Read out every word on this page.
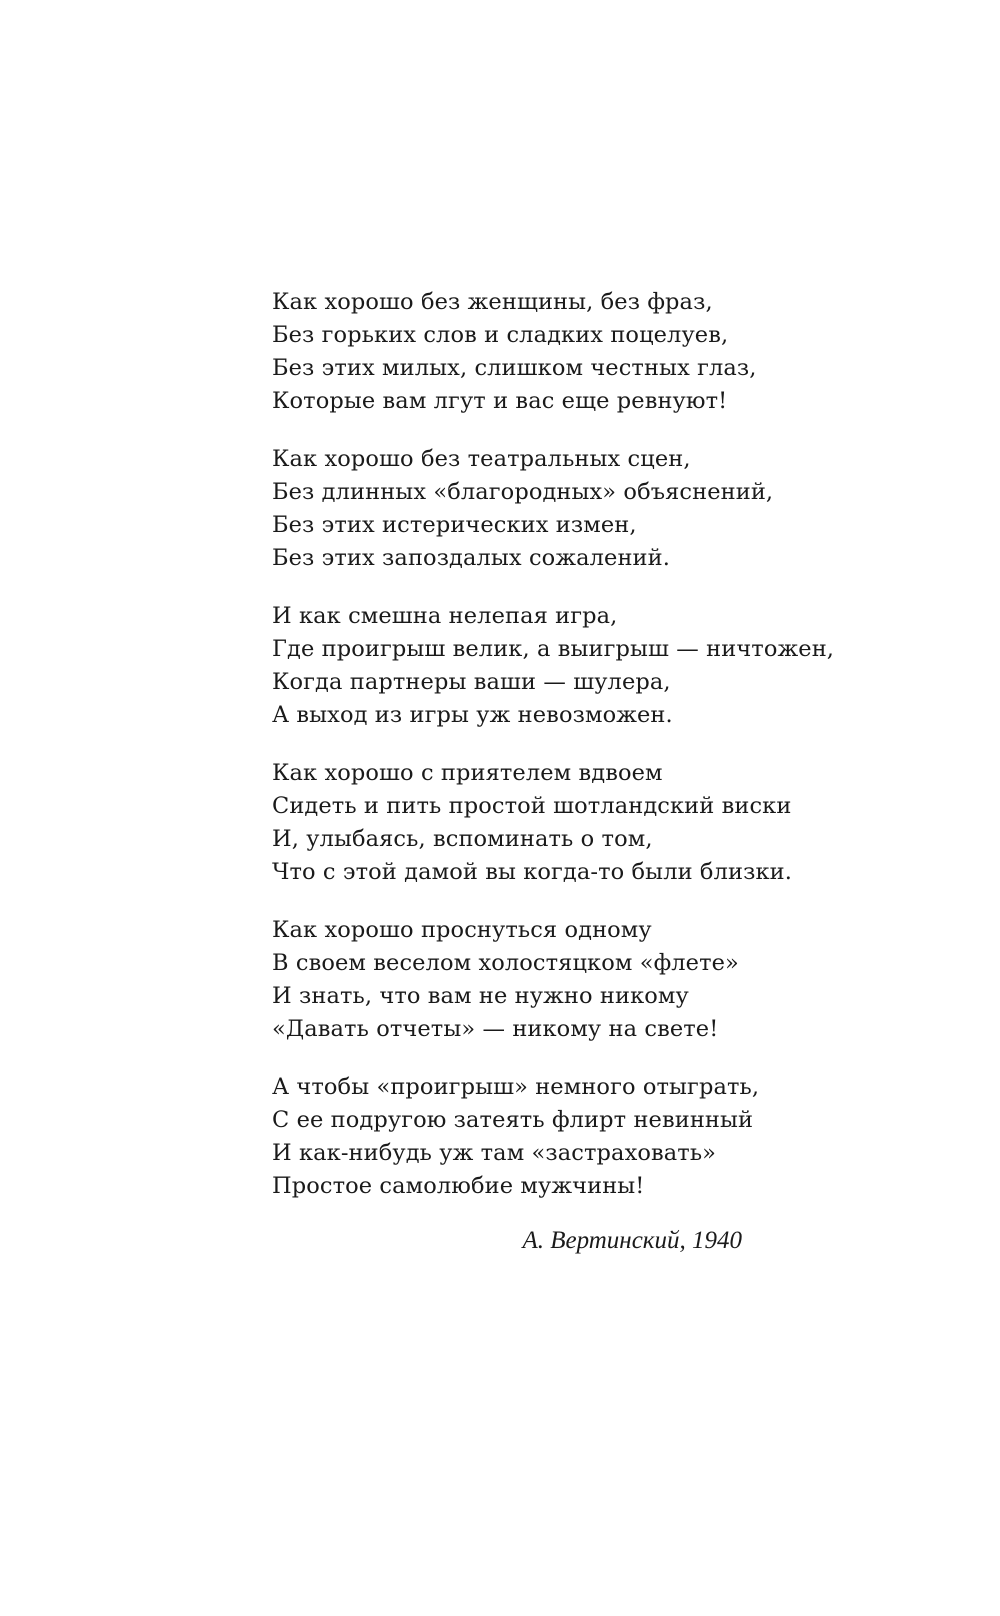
Как хорошо без женщины, без фраз,
Без горьких слов и сладких поцелуев,
Без этих милых, слишком честных глаз,
Которые вам лгут и вас еще ревнуют!
Как хорошо без театральных сцен,
Без длинных «благородных» объяснений,
Без этих истерических измен,
Без этих запоздалых сожалений.
И как смешна нелепая игра,
Где проигрыш велик, а выигрыш — ничтожен,
Когда партнеры ваши — шулера,
А выход из игры уж невозможен.
Как хорошо с приятелем вдвоем
Сидеть и пить простой шотландский виски
И, улыбаясь, вспоминать о том,
Что с этой дамой вы когда-то были близки.
Как хорошо проснуться одному
В своем веселом холостяцком «флете»
И знать, что вам не нужно никому
«Давать отчеты» — никому на свете!
А чтобы «проигрыш» немного отыграть,
С ее подругою затеять флирт невинный
И как-нибудь уж там «застраховать»
Простое самолюбие мужчины!
А. Вертинский, 1940
